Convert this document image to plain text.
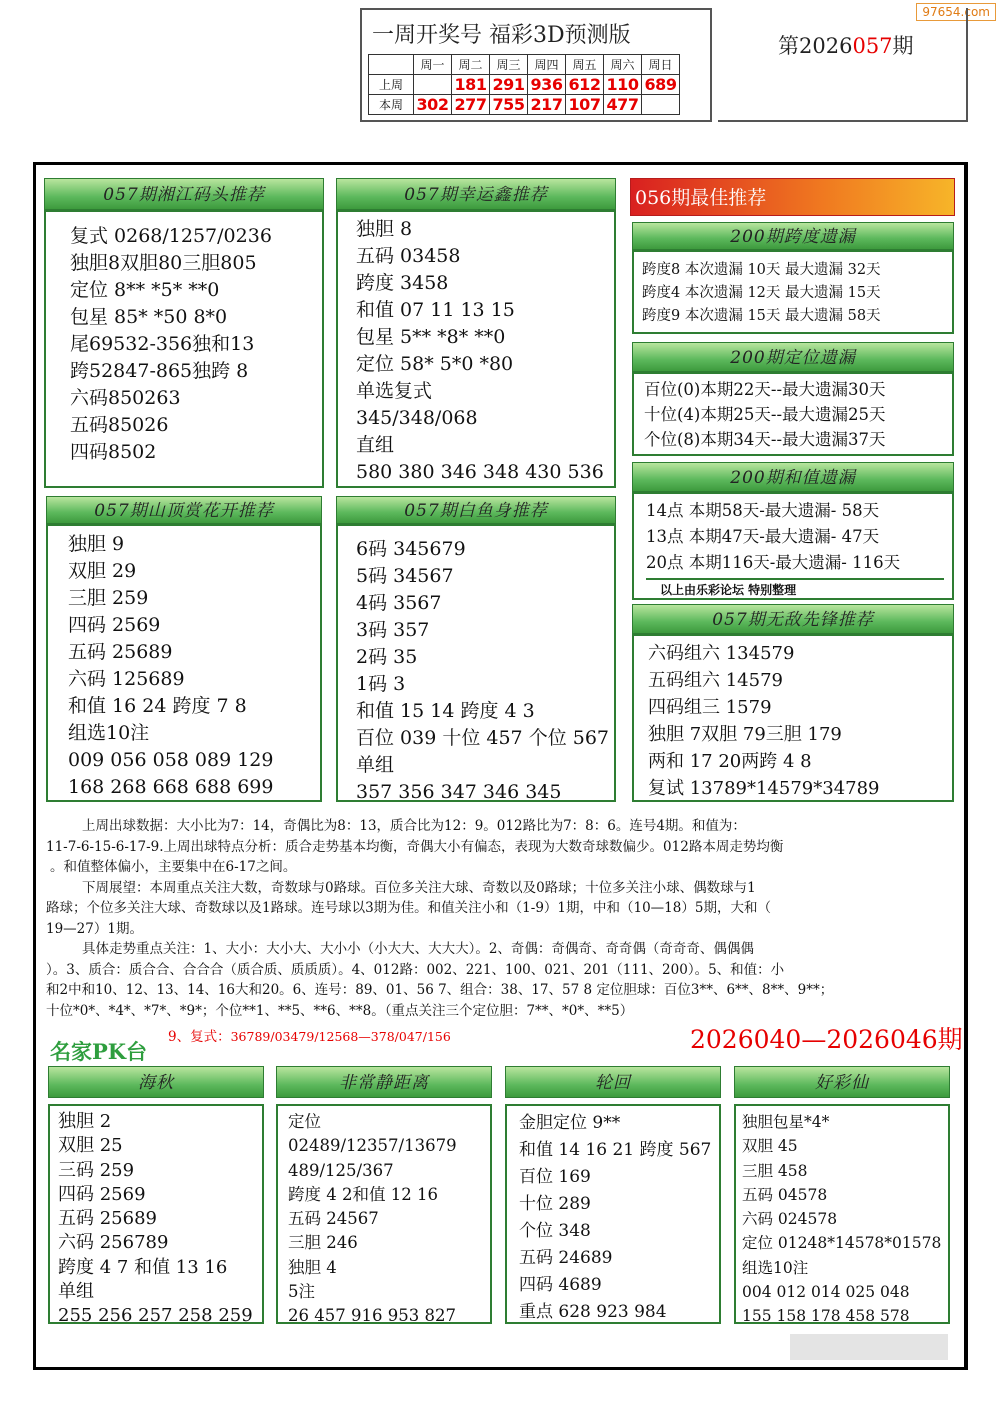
97654.com
一周开奖号 福彩3D预测版
	周一	周二	周三	周四	周五	周六	周日
上周		181	291	936	612	110	689
本周	302	277	755	217	107	477	
第2026057期
057期湘江码头推荐
复式 0268/1257/0236
独胆8双胆80三胆805
定位 8** *5* **0
包星 85* *50 8*0
尾69532-356独和13
跨52847-865独跨 8
六码850263
五码85026
四码8502
057期幸运鑫推荐
独胆 8
五码 03458
跨度 3458
和值 07 11 13 15
包星 5** *8* **0
定位 58* 5*0 *80
单选复式
345/348/068
直组
580 380 346 348 430 536
057期山顶赏花开推荐
独胆 9
双胆 29
三胆 259
四码 2569
五码 25689
六码 125689
和值 16 24 跨度 7 8
组选10注
009 056 058 089 129
168 268 668 688 699
057期白鱼身推荐
6码 345679
5码 34567
4码 3567
3码 357
2码 35
1码 3
和值 15 14 跨度 4 3
百位 039 十位 457 个位 567
单组
357 356 347 346 345
056期最佳推荐
200期跨度遗漏
跨度8 本次遗漏 10天 最大遗漏 32天
跨度4 本次遗漏 12天 最大遗漏 15天
跨度9 本次遗漏 15天 最大遗漏 58天
200期定位遗漏
百位(0)本期22天--最大遗漏30天
十位(4)本期25天--最大遗漏25天
个位(8)本期34天--最大遗漏37天
200期和值遗漏
14点 本期58天-最大遗漏- 58天
13点 本期47天-最大遗漏- 47天
20点 本期116天-最大遗漏- 116天
以上由乐彩论坛 特别整理
057期无敌先锋推荐
六码组六 134579
五码组六 14579
四码组三 1579
独胆 7双胆 79三胆 179
两和 17 20两跨 4 8
复试 13789*14579*34789
上周出球数据：大小比为7：14，奇偶比为8：13，质合比为12：9。012路比为7：8：6。连号4期。和值为：
11-7-6-15-6-17-9.上周出球特点分析：质合走势基本均衡，奇偶大小有偏态，表现为大数奇球数偏少。012路本周走势均衡
。和值整体偏小，主要集中在6-17之间。
下周展望：本周重点关注大数，奇数球与0路球。百位多关注大球、奇数以及0路球；十位多关注小球、偶数球与1
路球；个位多关注大球、奇数球以及1路球。连号球以3期为佳。和值关注小和（1-9）1期，中和（10—18）5期，大和（
19—27）1期。
具体走势重点关注：1、大小：大小大、大小小（小大大、大大大）。2、奇偶：奇偶奇、奇奇偶（奇奇奇、偶偶偶
）。3、质合：质合合、合合合（质合质、质质质）。4、012路：002、221、100、021、201（111、200）。5、和值：小
和2中和10、12、13、14、16大和20。6、连号：89、01、56 7、组合：38、17、57 8 定位胆球：百位3**、6**、8**、9**；
十位*0*、*4*、*7*、*9*；个位**1、**5、**6、**8。（重点关注三个定位胆：7**、*0*、**5）
9、复式：36789/03479/12568—378/047/156	2026040—2026046期
名家PK台
海秋
独胆 2
双胆 25
三码 259
四码 2569
五码 25689
六码 256789
跨度 4 7 和值 13 16
单组
255 256 257 258 259
非常静距离
定位
02489/12357/13679
489/125/367
跨度 4 2和值 12 16
五码 24567
三胆 246
独胆 4
5注
26 457 916 953 827
轮回
金胆定位 9**
和值 14 16 21 跨度 567
百位 169
十位 289
个位 348
五码 24689
四码 4689
重点 628 923 984
好彩仙
独胆包星*4*
双胆 45
三胆 458
五码 04578
六码 024578
定位 01248*14578*01578
组选10注
004 012 014 025 048
155 158 178 458 578
